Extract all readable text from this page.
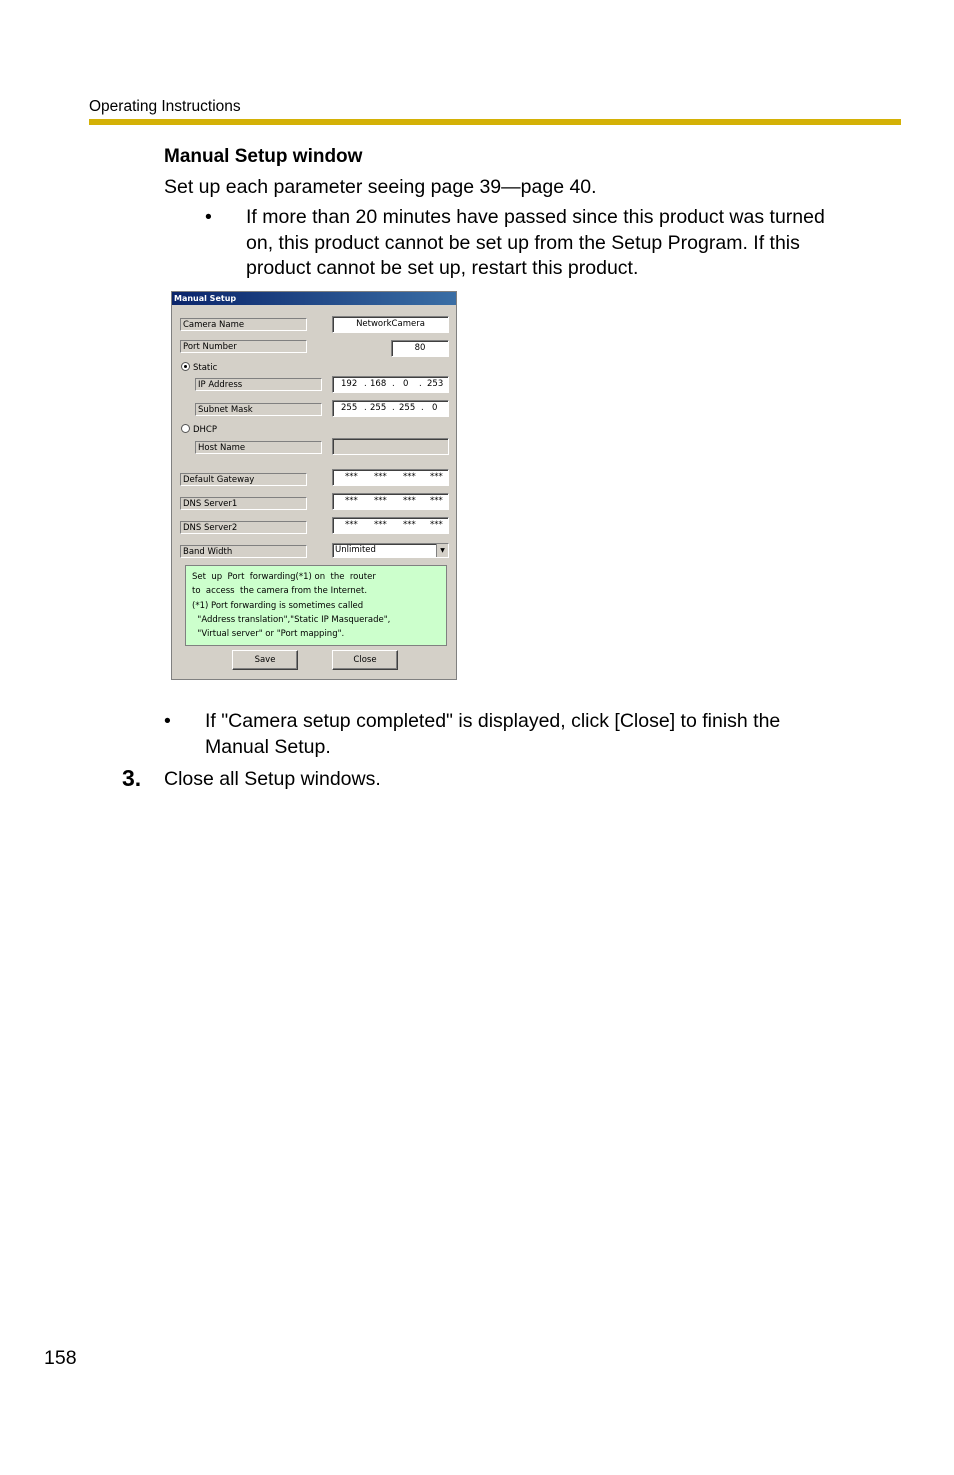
Operating Instructions
Manual Setup window
Set up each parameter seeing page 39—page 40.
• If more than 20 minutes have passed since this product was turned
on, this product cannot be set up from the Setup Program. If this
product cannot be set up, restart this product.
Manual Setup
Camera Name	NetworkCamera
Port Number	80
Static
IP Address	192 . 168 . 0 . 253
Subnet Mask	255 . 255 . 255 . 0
DHCP
Host Name
Default Gateway	*** *** *** ***
DNS Server1	*** *** *** ***
DNS Server2	*** *** *** ***
Band Width	Unlimited	▼
Set  up  Port  forwarding(*1) on  the  router
to  access  the camera from the Internet.
(*1) Port forwarding is sometimes called
"Address translation","Static IP Masquerade",
"Virtual server" or "Port mapping".
Save	Close
• If "Camera setup completed" is displayed, click [Close] to finish the
Manual Setup.
3. Close all Setup windows.
158
